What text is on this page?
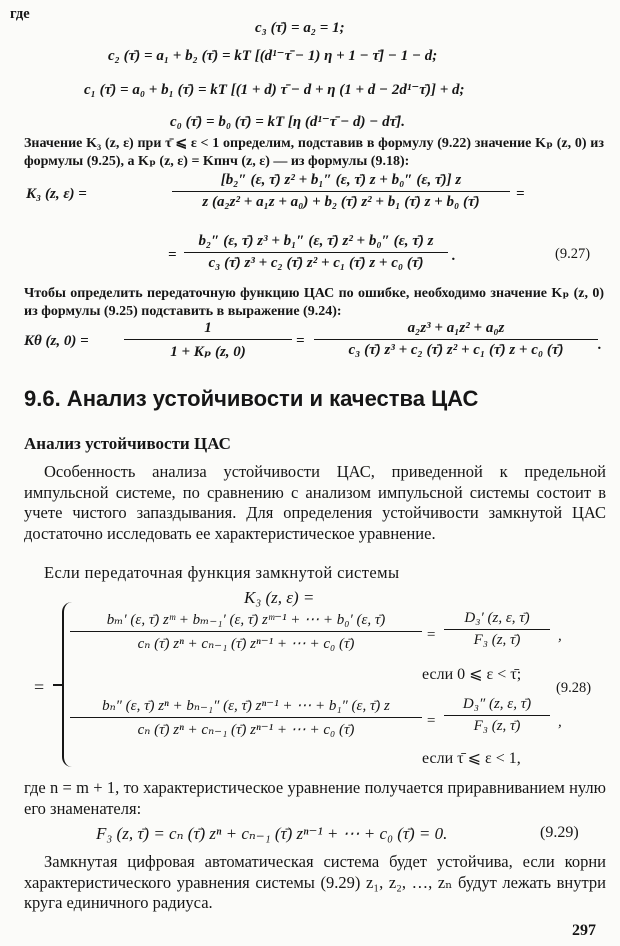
где
c₃ (τ̄) = a₂ = 1;
c₂ (τ̄) = a₁ + b₂ (τ̄) = kT [(d¹⁻τ̄ − 1) η + 1 − τ̄] − 1 − d;
c₁ (τ̄) = a₀ + b₁ (τ̄) = kT [(1 + d) τ̄ − d + η (1 + d − 2d¹⁻τ̄)] + d;
c₀ (τ̄) = b₀ (τ̄) = kT [η (d¹⁻τ̄ − d) − dτ̄].
Значение K₃ (z, ε) при τ̄ ⩽ ε < 1 определим, подставив в формулу (9.22) значение Kₚ (z, 0) из формулы (9.25), а Kₚ (z, ε) = Kпнч (z, ε) — из формулы (9.18):
K₃ (z, ε) =
[b₂″ (ε, τ̄) z² + b₁″ (ε, τ̄) z + b₀″ (ε, τ̄)] z
z (a₂z² + a₁z + a₀) + b₂ (τ̄) z² + b₁ (τ̄) z + b₀ (τ̄) =
=
b₂″ (ε, τ̄) z³ + b₁″ (ε, τ̄) z² + b₀″ (ε, τ̄) z
c₃ (τ̄) z³ + c₂ (τ̄) z² + c₁ (τ̄) z + c₀ (τ̄) .	(9.27)
Чтобы определить передаточную функцию ЦАС по ошибке, необходимо значение Kₚ (z, 0) из формулы (9.25) подставить в выражение (9.24):
Kθ (z, 0) =
1
1 + Kₚ (z, 0)
=
a₂z³ + a₁z² + a₀z
c₃ (τ̄) z³ + c₂ (τ̄) z² + c₁ (τ̄) z + c₀ (τ̄) .
9.6. Анализ устойчивости и качества ЦАС
Анализ устойчивости ЦАС
Особенность анализа устойчивости ЦАС, приведенной к предельной импульсной системе, по сравнению с анализом импульсной системы состоит в учете чистого запаздывания. Для определения устойчивости замкнутой ЦАС достаточно исследовать ее характеристическое уравнение.
Если передаточная функция замкнутой системы
K₃ (z, ε) =
=
bₘ′ (ε, τ̄) zᵐ + bₘ₋₁′ (ε, τ̄) zᵐ⁻¹ + ⋯ + b₀′ (ε, τ̄)
cₙ (τ̄) zⁿ + cₙ₋₁ (τ̄) zⁿ⁻¹ + ⋯ + c₀ (τ̄)
=
D₃′ (z, ε, τ̄)
F₃ (z, τ̄)	,
если 0 ⩽ ε < τ̄;
(9.28)
bₙ″ (ε, τ̄) zⁿ + bₙ₋₁″ (ε, τ̄) zⁿ⁻¹ + ⋯ + b₁″ (ε, τ̄) z
cₙ (τ̄) zⁿ + cₙ₋₁ (τ̄) zⁿ⁻¹ + ⋯ + c₀ (τ̄)
=
D₃″ (z, ε, τ̄)
F₃ (z, τ̄)	,
если τ̄ ⩽ ε < 1,
где n = m + 1, то характеристическое уравнение получается приравниванием нулю его знаменателя:
F₃ (z, τ̄) = cₙ (τ̄) zⁿ + cₙ₋₁ (τ̄) zⁿ⁻¹ + ⋯ + c₀ (τ̄) = 0.	(9.29)
Замкнутая цифровая автоматическая система будет устойчива, если корни характеристического уравнения системы (9.29) z₁, z₂, …, zₙ будут лежать внутри круга единичного радиуса.
297
